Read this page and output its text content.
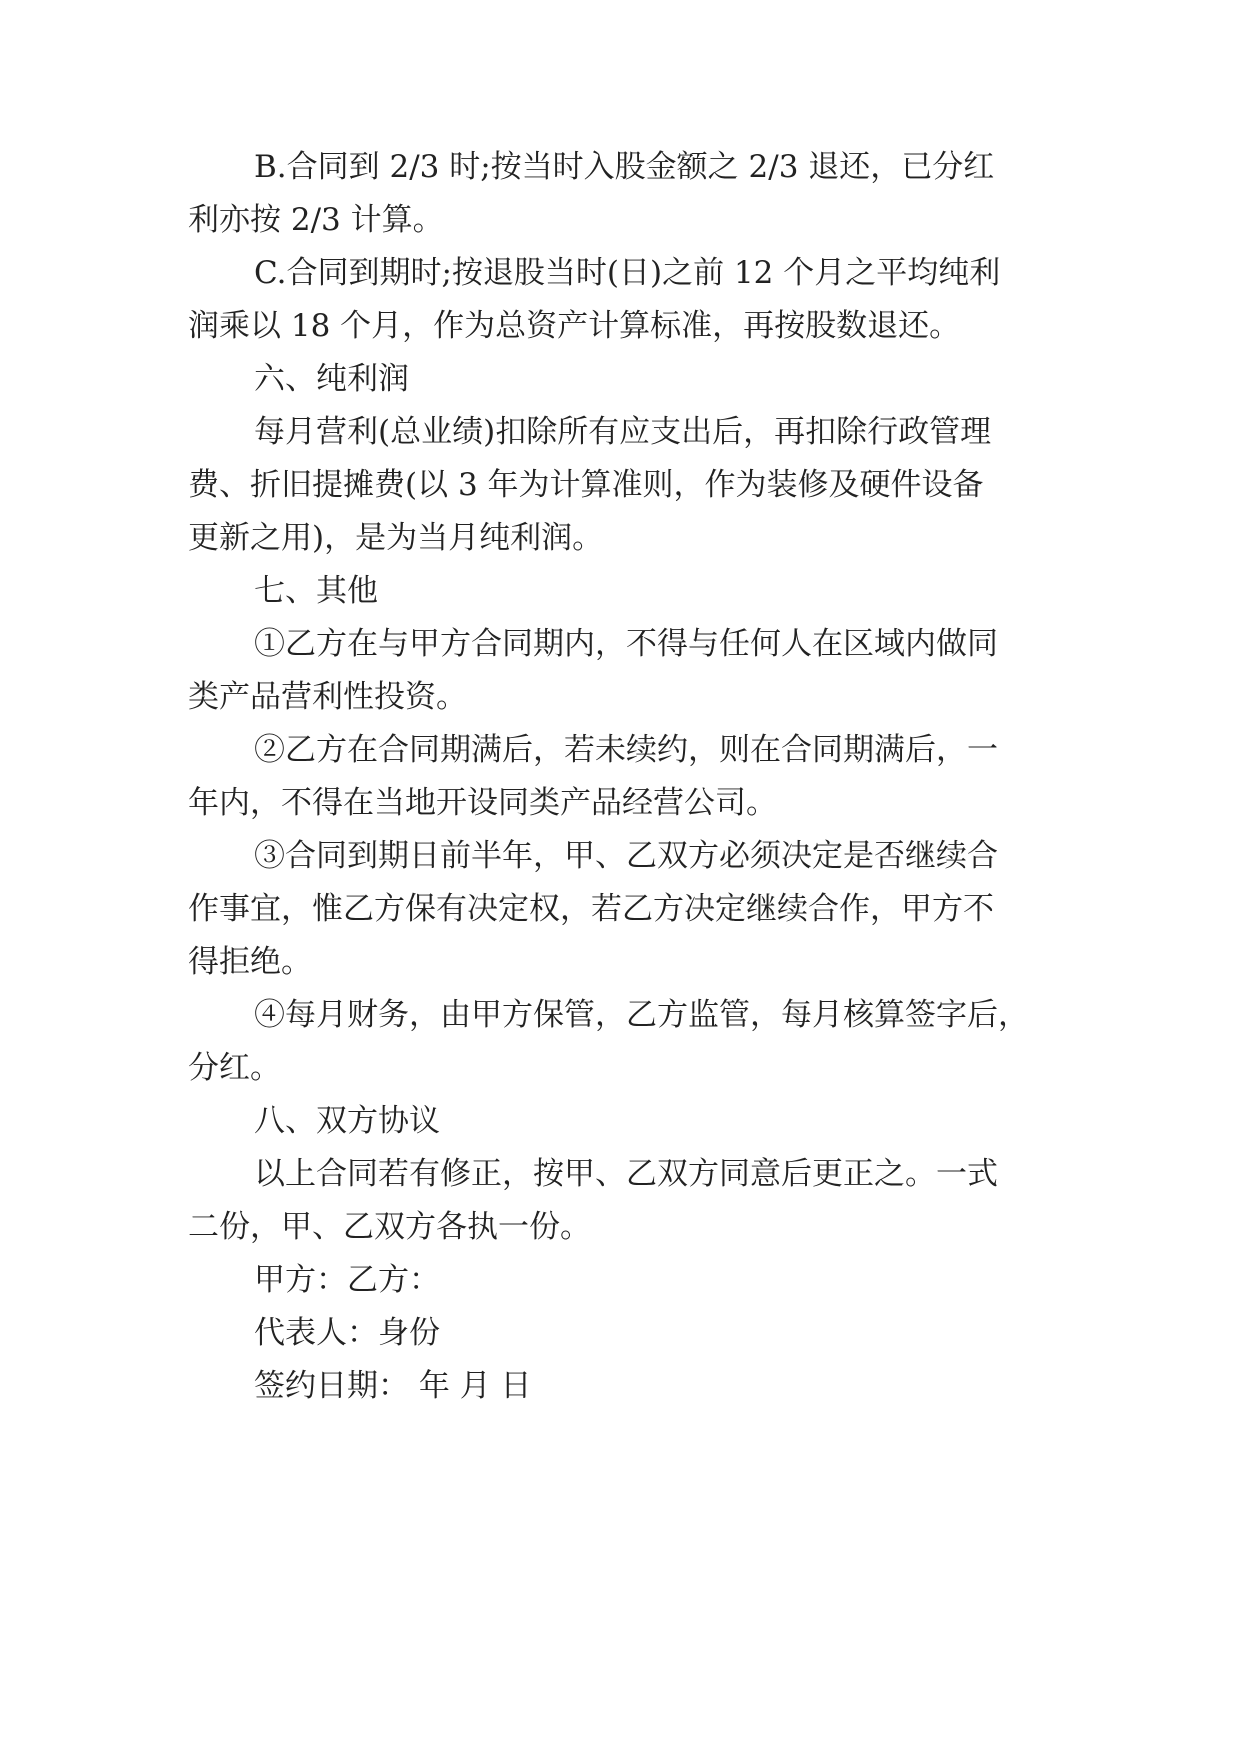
B.合同到 2/3 时;按当时入股金额之 2/3 退还，已分红
利亦按 2/3 计算。
C.合同到期时;按退股当时(日)之前 12 个月之平均纯利
润乘以 18 个月，作为总资产计算标准，再按股数退还。
六、纯利润
每月营利(总业绩)扣除所有应支出后，再扣除行政管理
费、折旧提摊费(以 3 年为计算准则，作为装修及硬件设备
更新之用)，是为当月纯利润。
七、其他
①乙方在与甲方合同期内，不得与任何人在区域内做同
类产品营利性投资。
②乙方在合同期满后，若未续约，则在合同期满后，一
年内，不得在当地开设同类产品经营公司。
③合同到期日前半年，甲、乙双方必须决定是否继续合
作事宜，惟乙方保有决定权，若乙方决定继续合作，甲方不
得拒绝。
④每月财务，由甲方保管，乙方监管，每月核算签字后，
分红。
八、双方协议
以上合同若有修正，按甲、乙双方同意后更正之。一式
二份，甲、乙双方各执一份。
甲方：乙方：
代表人：身份
签约日期： 年 月 日
